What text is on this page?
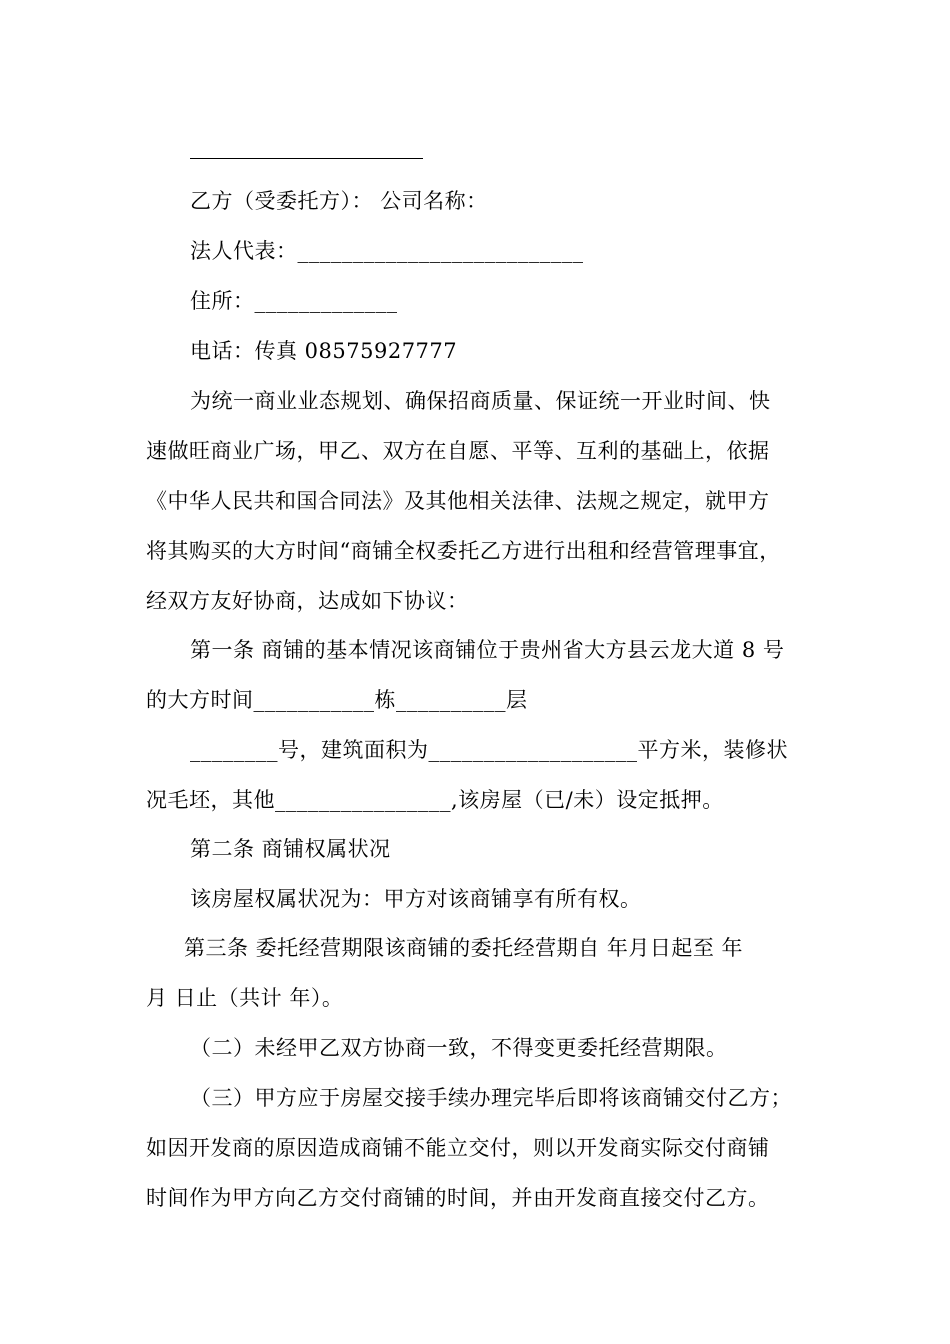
乙方（受委托方）： 公司名称：
法人代表：__________________________
住所：_____________
电话：传真 08575927777
为统一商业业态规划、确保招商质量、保证统一开业时间、快
速做旺商业广场，甲乙、双方在自愿、平等、互利的基础上，依据
《中华人民共和国合同法》及其他相关法律、法规之规定，就甲方
将其购买的大方时间“商铺全权委托乙方进行出租和经营管理事宜，
经双方友好协商，达成如下协议：
第一条 商铺的基本情况该商铺位于贵州省大方县云龙大道 8 号
的大方时间___________栋__________层
________号，建筑面积为___________________平方米，装修状
况毛坯，其他________________,该房屋（已/未）设定抵押。
第二条 商铺权属状况
该房屋权属状况为：甲方对该商铺享有所有权。
第三条 委托经营期限该商铺的委托经营期自 年月日起至 年
月 日止（共计 年）。
（二）未经甲乙双方协商一致，不得变更委托经营期限。
（三）甲方应于房屋交接手续办理完毕后即将该商铺交付乙方；
如因开发商的原因造成商铺不能立交付，则以开发商实际交付商铺
时间作为甲方向乙方交付商铺的时间，并由开发商直接交付乙方。
